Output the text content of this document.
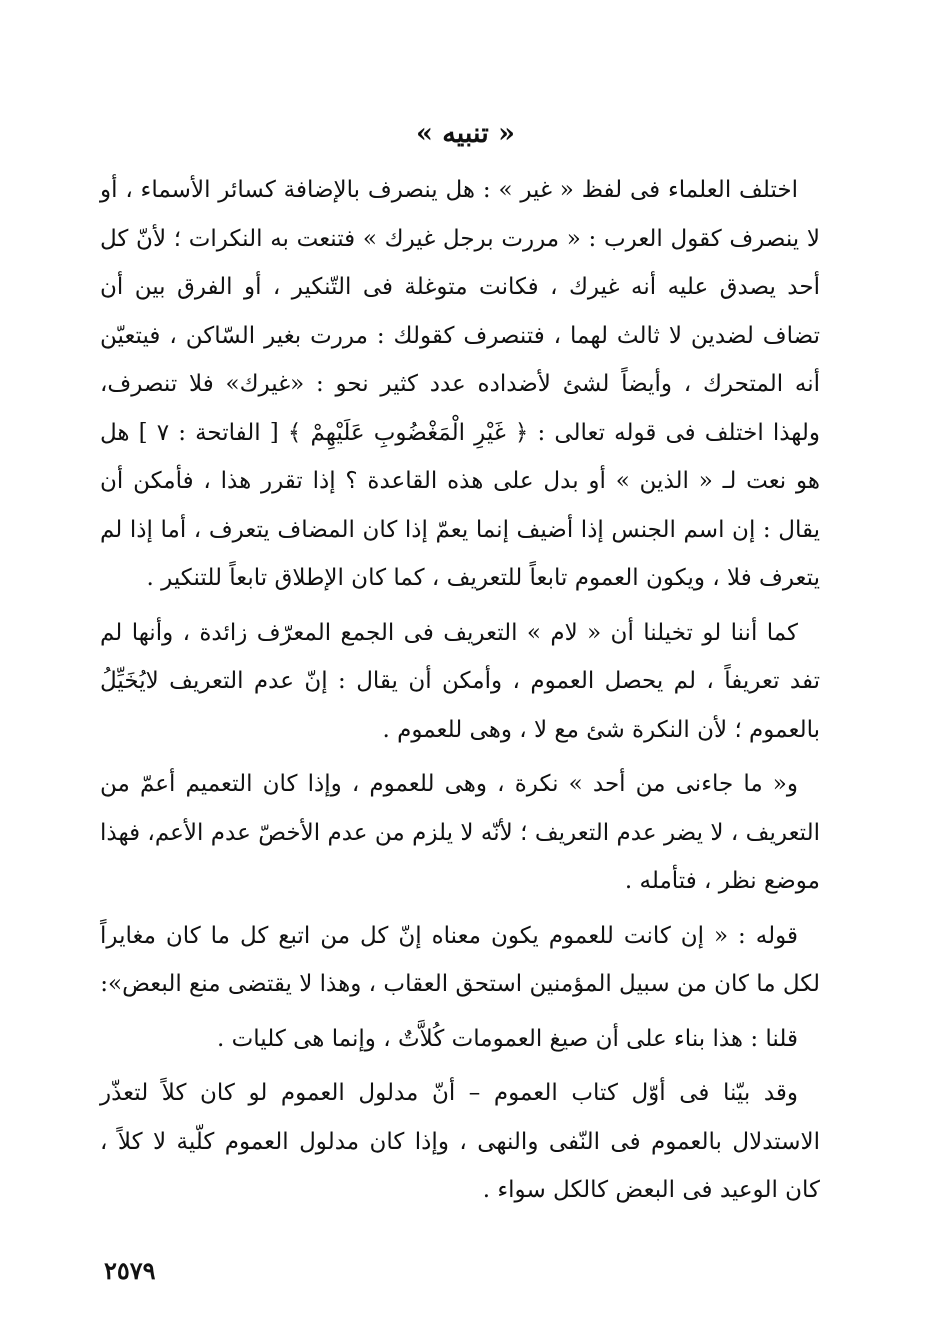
« تنبيه »

اختلف العلماء فى لفظ « غير » : هل ينصرف بالإضافة كسائر الأسماء ، أو لا ينصرف كقول العرب : « مررت برجل غيرك » فتنعت به النكرات ؛ لأنّ كل أحد يصدق عليه أنه غيرك ، فكانت متوغلة فى التّنكير ، أو الفرق بين أن تضاف لضدين لا ثالث لهما ، فتنصرف كقولك : مررت بغير السّاكن ، فيتعيّن أنه المتحرك ، وأيضاً لشئ لأضداده عدد كثير نحو : «غيرك» فلا تنصرف، ولهذا اختلف فى قوله تعالى : ﴿ غَيْرِ الْمَغْضُوبِ عَلَيْهِمْ ﴾ [ الفاتحة : ٧ ] هل هو نعت لـ « الذين » أو بدل على هذه القاعدة ؟ إذا تقرر هذا ، فأمكن أن يقال : إن اسم الجنس إذا أضيف إنما يعمّ إذا كان المضاف يتعرف ، أما إذا لم يتعرف فلا ، ويكون العموم تابعاً للتعريف ، كما كان الإطلاق تابعاً للتنكير .

كما أننا لو تخيلنا أن « لام » التعريف فى الجمع المعرّف زائدة ، وأنها لم تفد تعريفاً ، لم يحصل العموم ، وأمكن أن يقال : إنّ عدم التعريف لايُخَيِّلُ بالعموم ؛ لأن النكرة شئ مع لا ، وهى للعموم .

و« ما جاءنى من أحد » نكرة ، وهى للعموم ، وإذا كان التعميم أعمّ من التعريف ، لا يضر عدم التعريف ؛ لأنّه لا يلزم من عدم الأخصّ عدم الأعم، فهذا موضع نظر ، فتأمله .

قوله : « إن كانت للعموم يكون معناه إنّ كل من اتبع كل ما كان مغايراً لكل ما كان من سبيل المؤمنين استحق العقاب ، وهذا لا يقتضى منع البعض»:

قلنا : هذا بناء على أن صيغ العمومات كُلاَّتٌ ، وإنما هى كليات .

وقد بيّنا فى أوّل كتاب العموم – أنّ مدلول العموم لو كان كلاً لتعذّر الاستدلال بالعموم فى النّفى والنهى ، وإذا كان مدلول العموم كلّية لا كلاً ، كان الوعيد فى البعض كالكل سواء .

٢٥٧٩
